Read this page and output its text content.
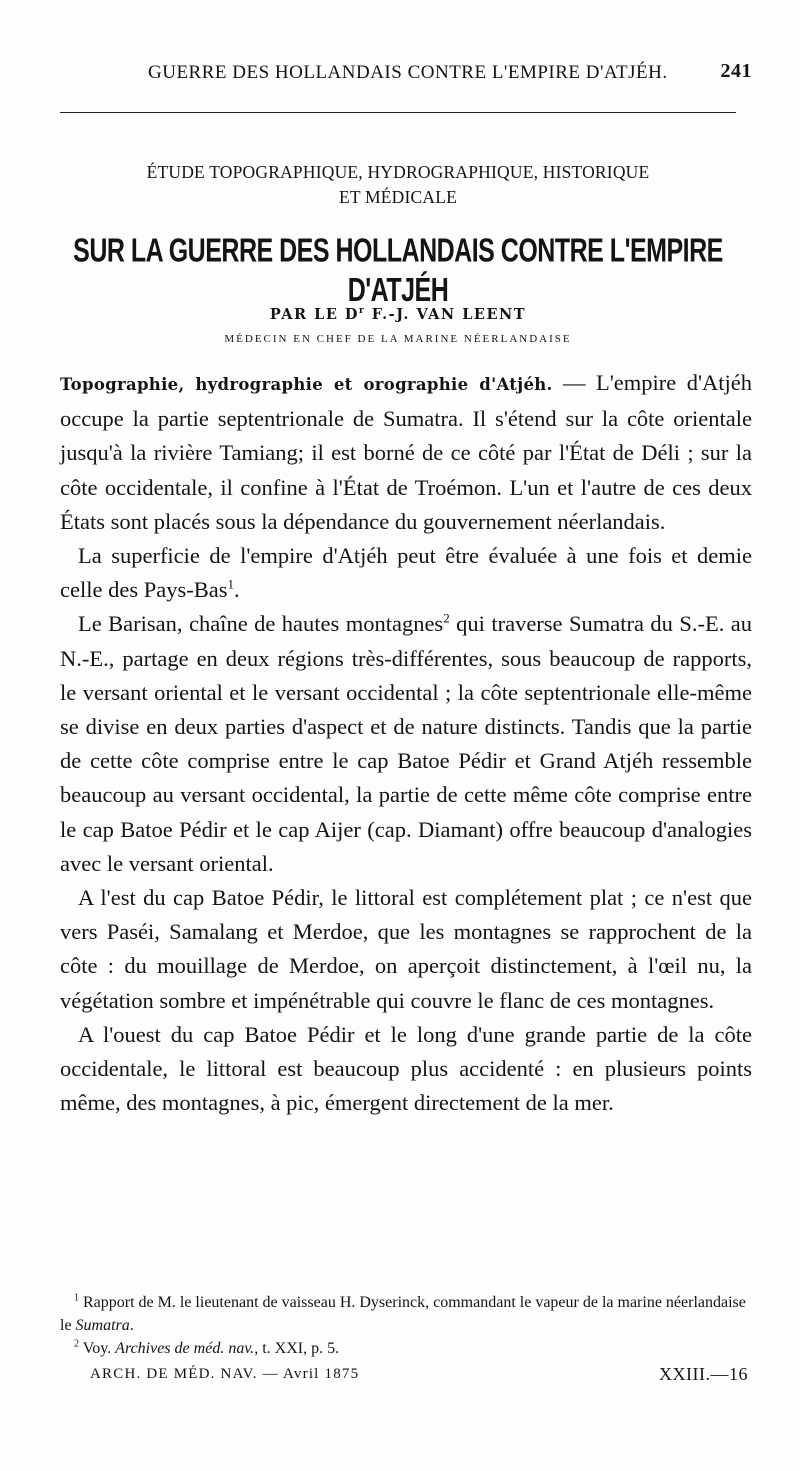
GUERRE DES HOLLANDAIS CONTRE L'EMPIRE D'ATJÉH.	241
ÉTUDE TOPOGRAPHIQUE, HYDROGRAPHIQUE, HISTORIQUE
ET MÉDICALE
SUR LA GUERRE DES HOLLANDAIS CONTRE L'EMPIRE D'ATJÉH
PAR LE $D^r$ F.-J. VAN LEENT
MÉDECIN EN CHEF DE LA MARINE NÉERLANDAISE

Topographie, hydrographie et orographie d'Atjéh. — L'empire d'Atjéh occupe la partie septentrionale de Sumatra. Il s'étend sur la côte orientale jusqu'à la rivière Tamiang; il est borné de ce côté par l'État de Déli ; sur la côte occidentale, il confine à l'État de Troémon. L'un et l'autre de ces deux États sont placés sous la dépendance du gouvernement néerlandais.

La superficie de l'empire d'Atjéh peut être évaluée à une fois et demie celle des Pays-Bas$^1$.

Le Barisan, chaîne de hautes montagnes$^2$ qui traverse Sumatra du S.-E. au N.-E., partage en deux régions très-différentes, sous beaucoup de rapports, le versant oriental et le versant occidental ; la côte septentrionale elle-même se divise en deux parties d'aspect et de nature distincts. Tandis que la partie de cette côte comprise entre le cap Batoe Pédir et Grand Atjéh ressemble beaucoup au versant occidental, la partie de cette même côte comprise entre le cap Batoe Pédir et le cap Aijer (cap. Diamant) offre beaucoup d'analogies avec le versant oriental.

A l'est du cap Batoe Pédir, le littoral est complétement plat ; ce n'est que vers Paséi, Samalang et Merdoe, que les montagnes se rapprochent de la côte : du mouillage de Merdoe, on aperçoit distinctement, à l'œil nu, la végétation sombre et impénétrable qui couvre le flanc de ces montagnes.

A l'ouest du cap Batoe Pédir et le long d'une grande partie de la côte occidentale, le littoral est beaucoup plus accidenté : en plusieurs points même, des montagnes, à pic, émergent directement de la mer.

$^1$ Rapport de M. le lieutenant de vaisseau H. Dyserinck, commandant le vapeur de la marine néerlandaise le Sumatra.

$^2$ Voy. Archives de méd. nav., t. XXI, p. 5.

ARCH. DE MÉD. NAV. — Avril 1875	XXIII.—16
